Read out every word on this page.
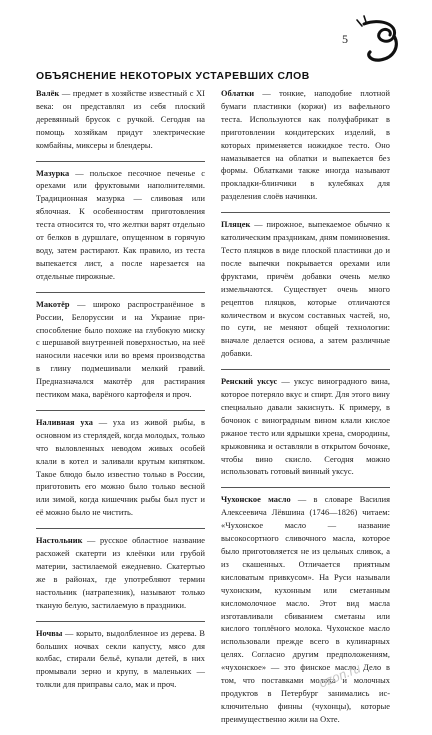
5
ОБЪЯСНЕНИЕ НЕКОТОРЫХ УСТАРЕВШИХ СЛОВ

Валёк — предмет в хозяйстве известный с XI века: он представлял из себя плоский деревянный брусок с ручкой. Сегодня на помощь хозяйкам придут электрические комбайны, миксеры и блендеры.

Мазурка — польское песочное печенье с орехами или фруктовыми наполнителями. Традиционная мазурка — сливовая или яблочная. К особенностям приготовления теста относится то, что желтки варят отдельно от белков в дуршлаге, опущенном в горячую воду, затем растирают. Как правило, из теста выпекается лист, а после нарезается на отдельные пирожные.

Макотёр — широко распространённое в России, Белоруссии и на Украине приспособление было похоже на глубокую миску с шершавой внутренней поверхностью, на неё наносили насечки или во время производства в глину подмешивали мелкий гравий. Предназначался макотёр для растирания пестиком мака, варёного картофеля и проч.

Наливная уха — уха из живой рыбы, в основном из стерлядей, когда молодых, только что выловленных неводом живых особей клали в котел и заливали крутым кипятком. Такое блюдо было известно только в России, приготовить его можно было только весной или зимой, когда кишечник рыбы был пуст и её можно было не чистить.

Настольник — русское областное название расхожей скатерти из клеёнки или грубой материи, застилаемой ежедневно. Скатертью же в районах, где употребляют термин настольник (натрапезник), называют только тканую белую, застилаемую в праздники.

Ночвы — корыто, выдолбленное из дерева. В больших ночвах секли капусту, мясо для колбас, стирали бельё, купали детей, в них промывали зерно и крупу, в маленьких — толкли для приправы сало, мак и проч.

Облатки — тонкие, наподобие плотной бумаги пластинки (коржи) из вафельного теста. Используются как полуфабрикат в приготовлении кондитерских изделий, в которых применяется ножидкое тесто. Оно намазывается на облатки и выпекается без формы. Облатками также иногда называют прокладки-блинчики в кулебяках для разделения слоёв начинки.

Пляцек — пирожное, выпекаемое обычно к католическим праздникам, дням поминовения. Тесто пляцков в виде плоской пластинки до и после выпечки покрывается орехами или фруктами, причём добавки очень мелко измельчаются. Существует очень много рецептов пляцков, которые отличаются количеством и вкусом составных частей, но, по сути, не меняют общей технологии: вначале делается основа, а затем различные добавки.

Ренский уксус — уксус виноградного вина, которое потеряло вкус и спирт. Для этого вину специально давали закиснуть. К примеру, в бочонок с виноградным вином клали кислое ржаное тесто или ядрышки хрена, смородины, крыжовника и оставляли в открытом бочонке, чтобы вино скисло. Сегодня можно использовать готовый винный уксус.

Чухонское масло — в словаре Василия Алексеевича Лёвшина (1746—1826) читаем: «Чухонское масло — название высокосортного сливочного масла, которое было приготовляется не из цельных сливок, а из скашенных. Отличается приятным кисловатым привкусом». На Руси называли чухонским, кухонным или сметанным кисломолочное масло. Этот вид масла изготавливали сбиванием сметаны или кислого топлёного молока. Чухонское масло использовали прежде всего в кулинарных целях. Согласно другим предположениям, «чухонское» — это финское масло. Дело в том, что поставками молока и молочных продуктов в Петербург занимались исключительно финны (чухонцы), которые преимущественно жили на Охте.

ozon.ru
